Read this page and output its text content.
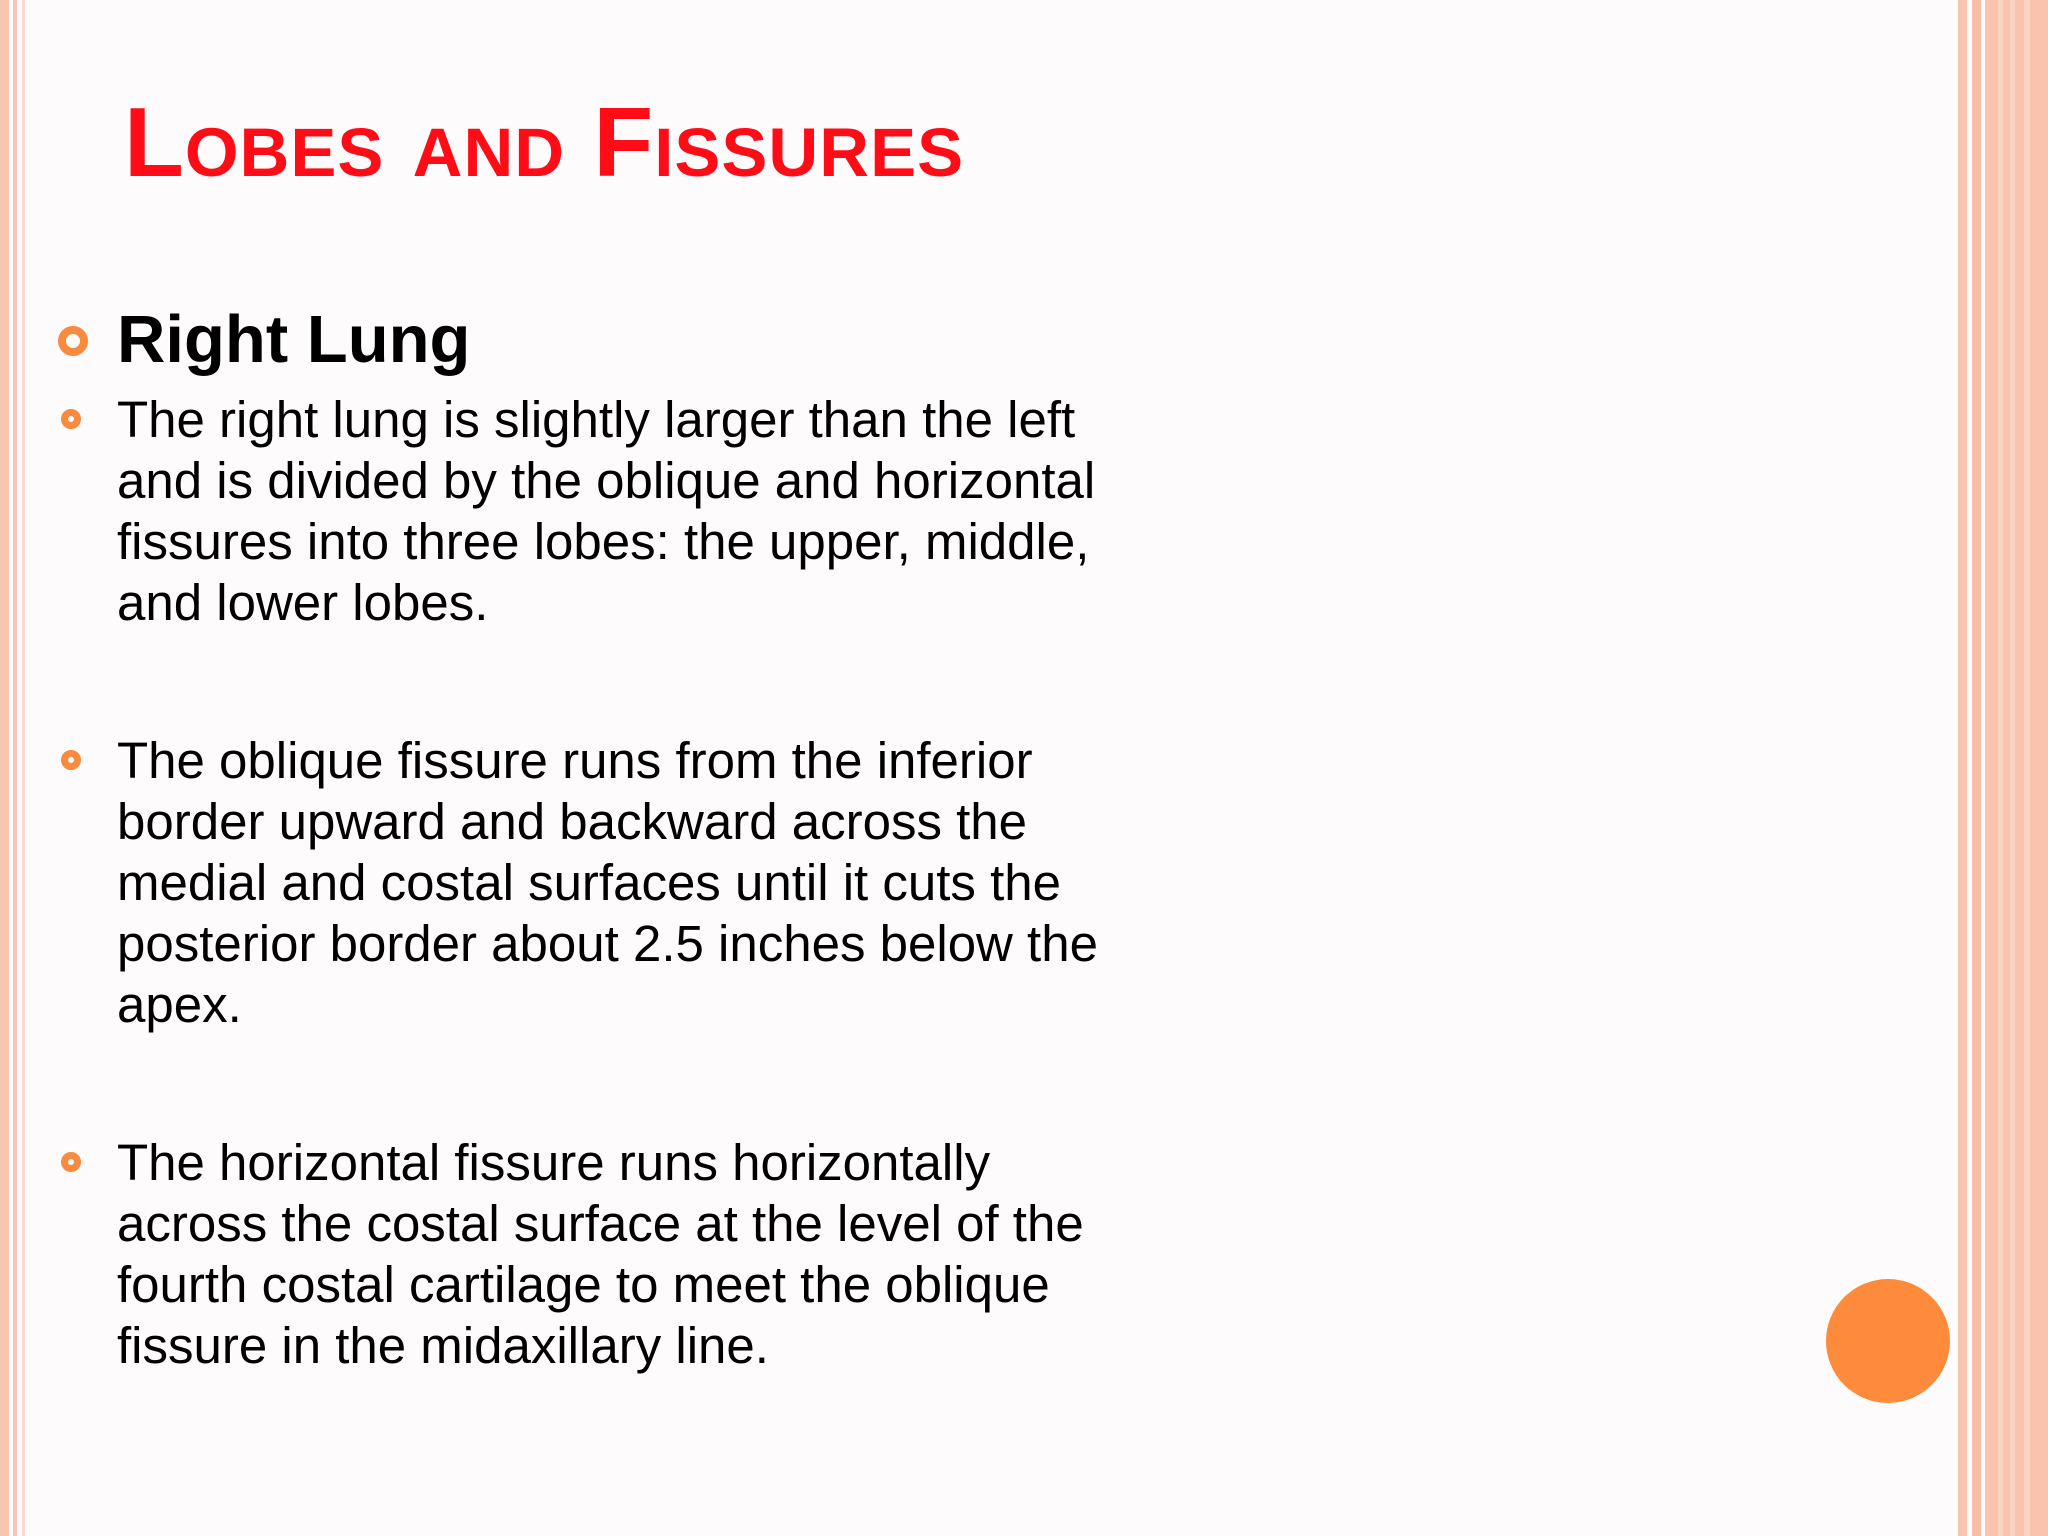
Lobes and Fissures
Right Lung
The right lung is slightly larger than the left and is divided by the oblique and horizontal fissures into three lobes: the upper, middle, and lower lobes.
The oblique fissure runs from the inferior border upward and backward across the medial and costal surfaces until it cuts the posterior border about 2.5 inches below the apex.
The horizontal fissure runs horizontally across the costal surface at the level of the fourth costal cartilage to meet the oblique fissure in the midaxillary line.
